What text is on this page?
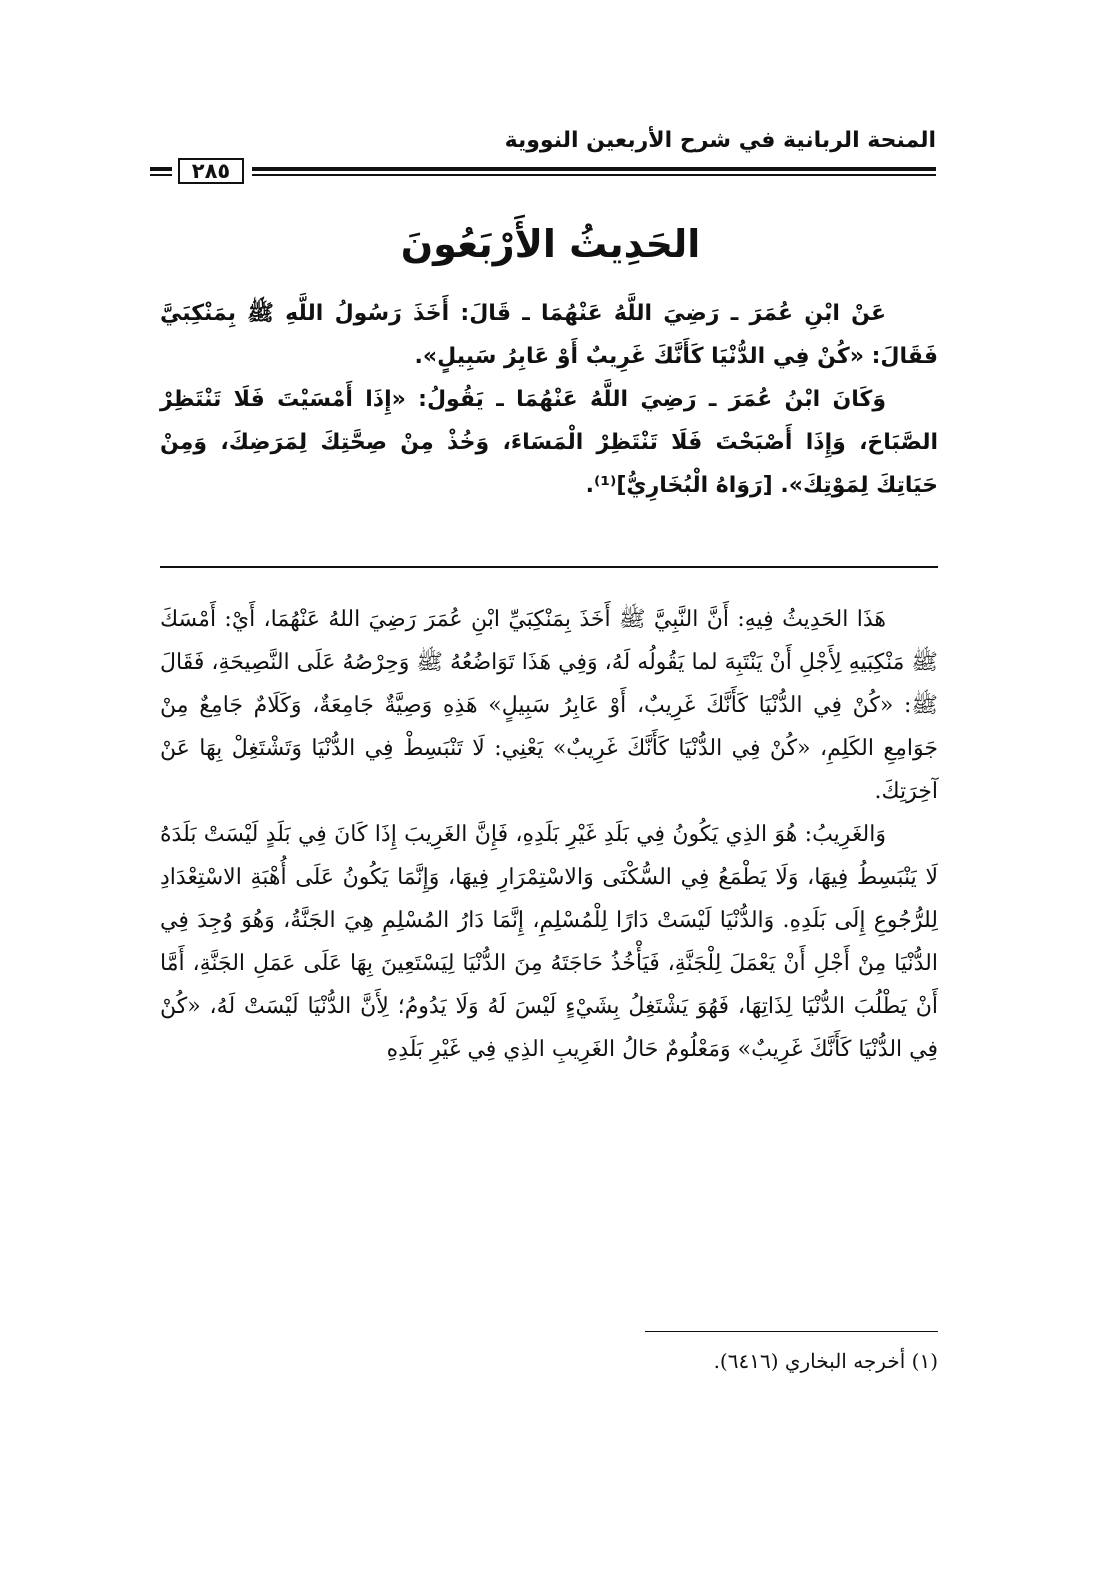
المنحة الربانية في شرح الأربعين النووية
٢٨٥
الحَدِيثُ الأَرْبَعُونَ

عَنْ ابْنِ عُمَرَ ـ رَضِيَ اللَّهُ عَنْهُمَا ـ قَالَ: أَخَذَ رَسُولُ اللَّهِ ﷺ بِمَنْكِبَيَّ فَقَالَ: «كُنْ فِي الدُّنْيَا كَأَنَّكَ غَرِيبٌ أَوْ عَابِرُ سَبِيلٍ».

وَكَانَ ابْنُ عُمَرَ ـ رَضِيَ اللَّهُ عَنْهُمَا ـ يَقُولُ: «إِذَا أَمْسَيْتَ فَلَا تَنْتَظِرْ الصَّبَاحَ، وَإِذَا أَصْبَحْتَ فَلَا تَنْتَظِرْ الْمَسَاءَ، وَخُذْ مِنْ صِحَّتِكَ لِمَرَضِكَ، وَمِنْ حَيَاتِكَ لِمَوْتِكَ». [رَوَاهُ الْبُخَارِيُّ]⁽¹⁾.

هَذَا الحَدِيثُ فِيهِ: أَنَّ النَّبِيَّ ﷺ أَخَذَ بِمَنْكِبَيِّ ابْنِ عُمَرَ رَضِيَ اللهُ عَنْهُمَا، أَيْ: أَمْسَكَ ﷺ مَنْكِبَيهِ لِأَجْلِ أَنْ يَنْتَبِهَ لما يَقُولُه لَهُ، وَفِي هَذَا تَوَاضُعُهُ ﷺ وَحِرْصُهُ عَلَى النَّصِيحَةِ، فَقَالَ ﷺ: «كُنْ فِي الدُّنْيَا كَأَنَّكَ غَرِيبٌ، أَوْ عَابِرُ سَبِيلٍ» هَذِهِ وَصِيَّةٌ جَامِعَةٌ، وَكَلَامٌ جَامِعٌ مِنْ جَوَامِعِ الكَلِمِ، «كُنْ فِي الدُّنْيَا كَأَنَّكَ غَرِيبٌ» يَعْنِي: لَا تَنْبَسِطْ فِي الدُّنْيَا وَتَشْتَغِلْ بِهَا عَنْ آخِرَتِكَ.

وَالغَرِيبُ: هُوَ الذِي يَكُونُ فِي بَلَدِ غَيْرِ بَلَدِهِ، فَإِنَّ الغَرِيبَ إِذَا كَانَ فِي بَلَدٍ لَيْسَتْ بَلَدَهُ لَا يَنْبَسِطُ فِيهَا، وَلَا يَطْمَعُ فِي السُّكْنَى وَالاسْتِمْرَارِ فِيهَا، وَإِنَّمَا يَكُونُ عَلَى أُهْبَةِ الاسْتِعْدَادِ لِلرُّجُوعِ إِلَى بَلَدِهِ. وَالدُّنْيَا لَيْسَتْ دَارًا لِلْمُسْلِمِ، إِنَّمَا دَارُ المُسْلِمِ هِيَ الجَنَّةُ، وَهُوَ وُجِدَ فِي الدُّنْيَا مِنْ أَجْلِ أَنْ يَعْمَلَ لِلْجَنَّةِ، فَيَأْخُذُ حَاجَتَهُ مِنَ الدُّنْيَا لِيَسْتَعِينَ بِهَا عَلَى عَمَلِ الجَنَّةِ، أَمَّا أَنْ يَطْلُبَ الدُّنْيَا لِذَاتِهَا، فَهُوَ يَشْتَغِلُ بِشَيْءٍ لَيْسَ لَهُ وَلَا يَدُومُ؛ لِأَنَّ الدُّنْيَا لَيْسَتْ لَهُ، «كُنْ فِي الدُّنْيَا كَأَنَّكَ غَرِيبٌ» وَمَعْلُومٌ حَالُ الغَرِيبِ الذِي فِي غَيْرِ بَلَدِهِ

(١) أخرجه البخاري (٦٤١٦).
